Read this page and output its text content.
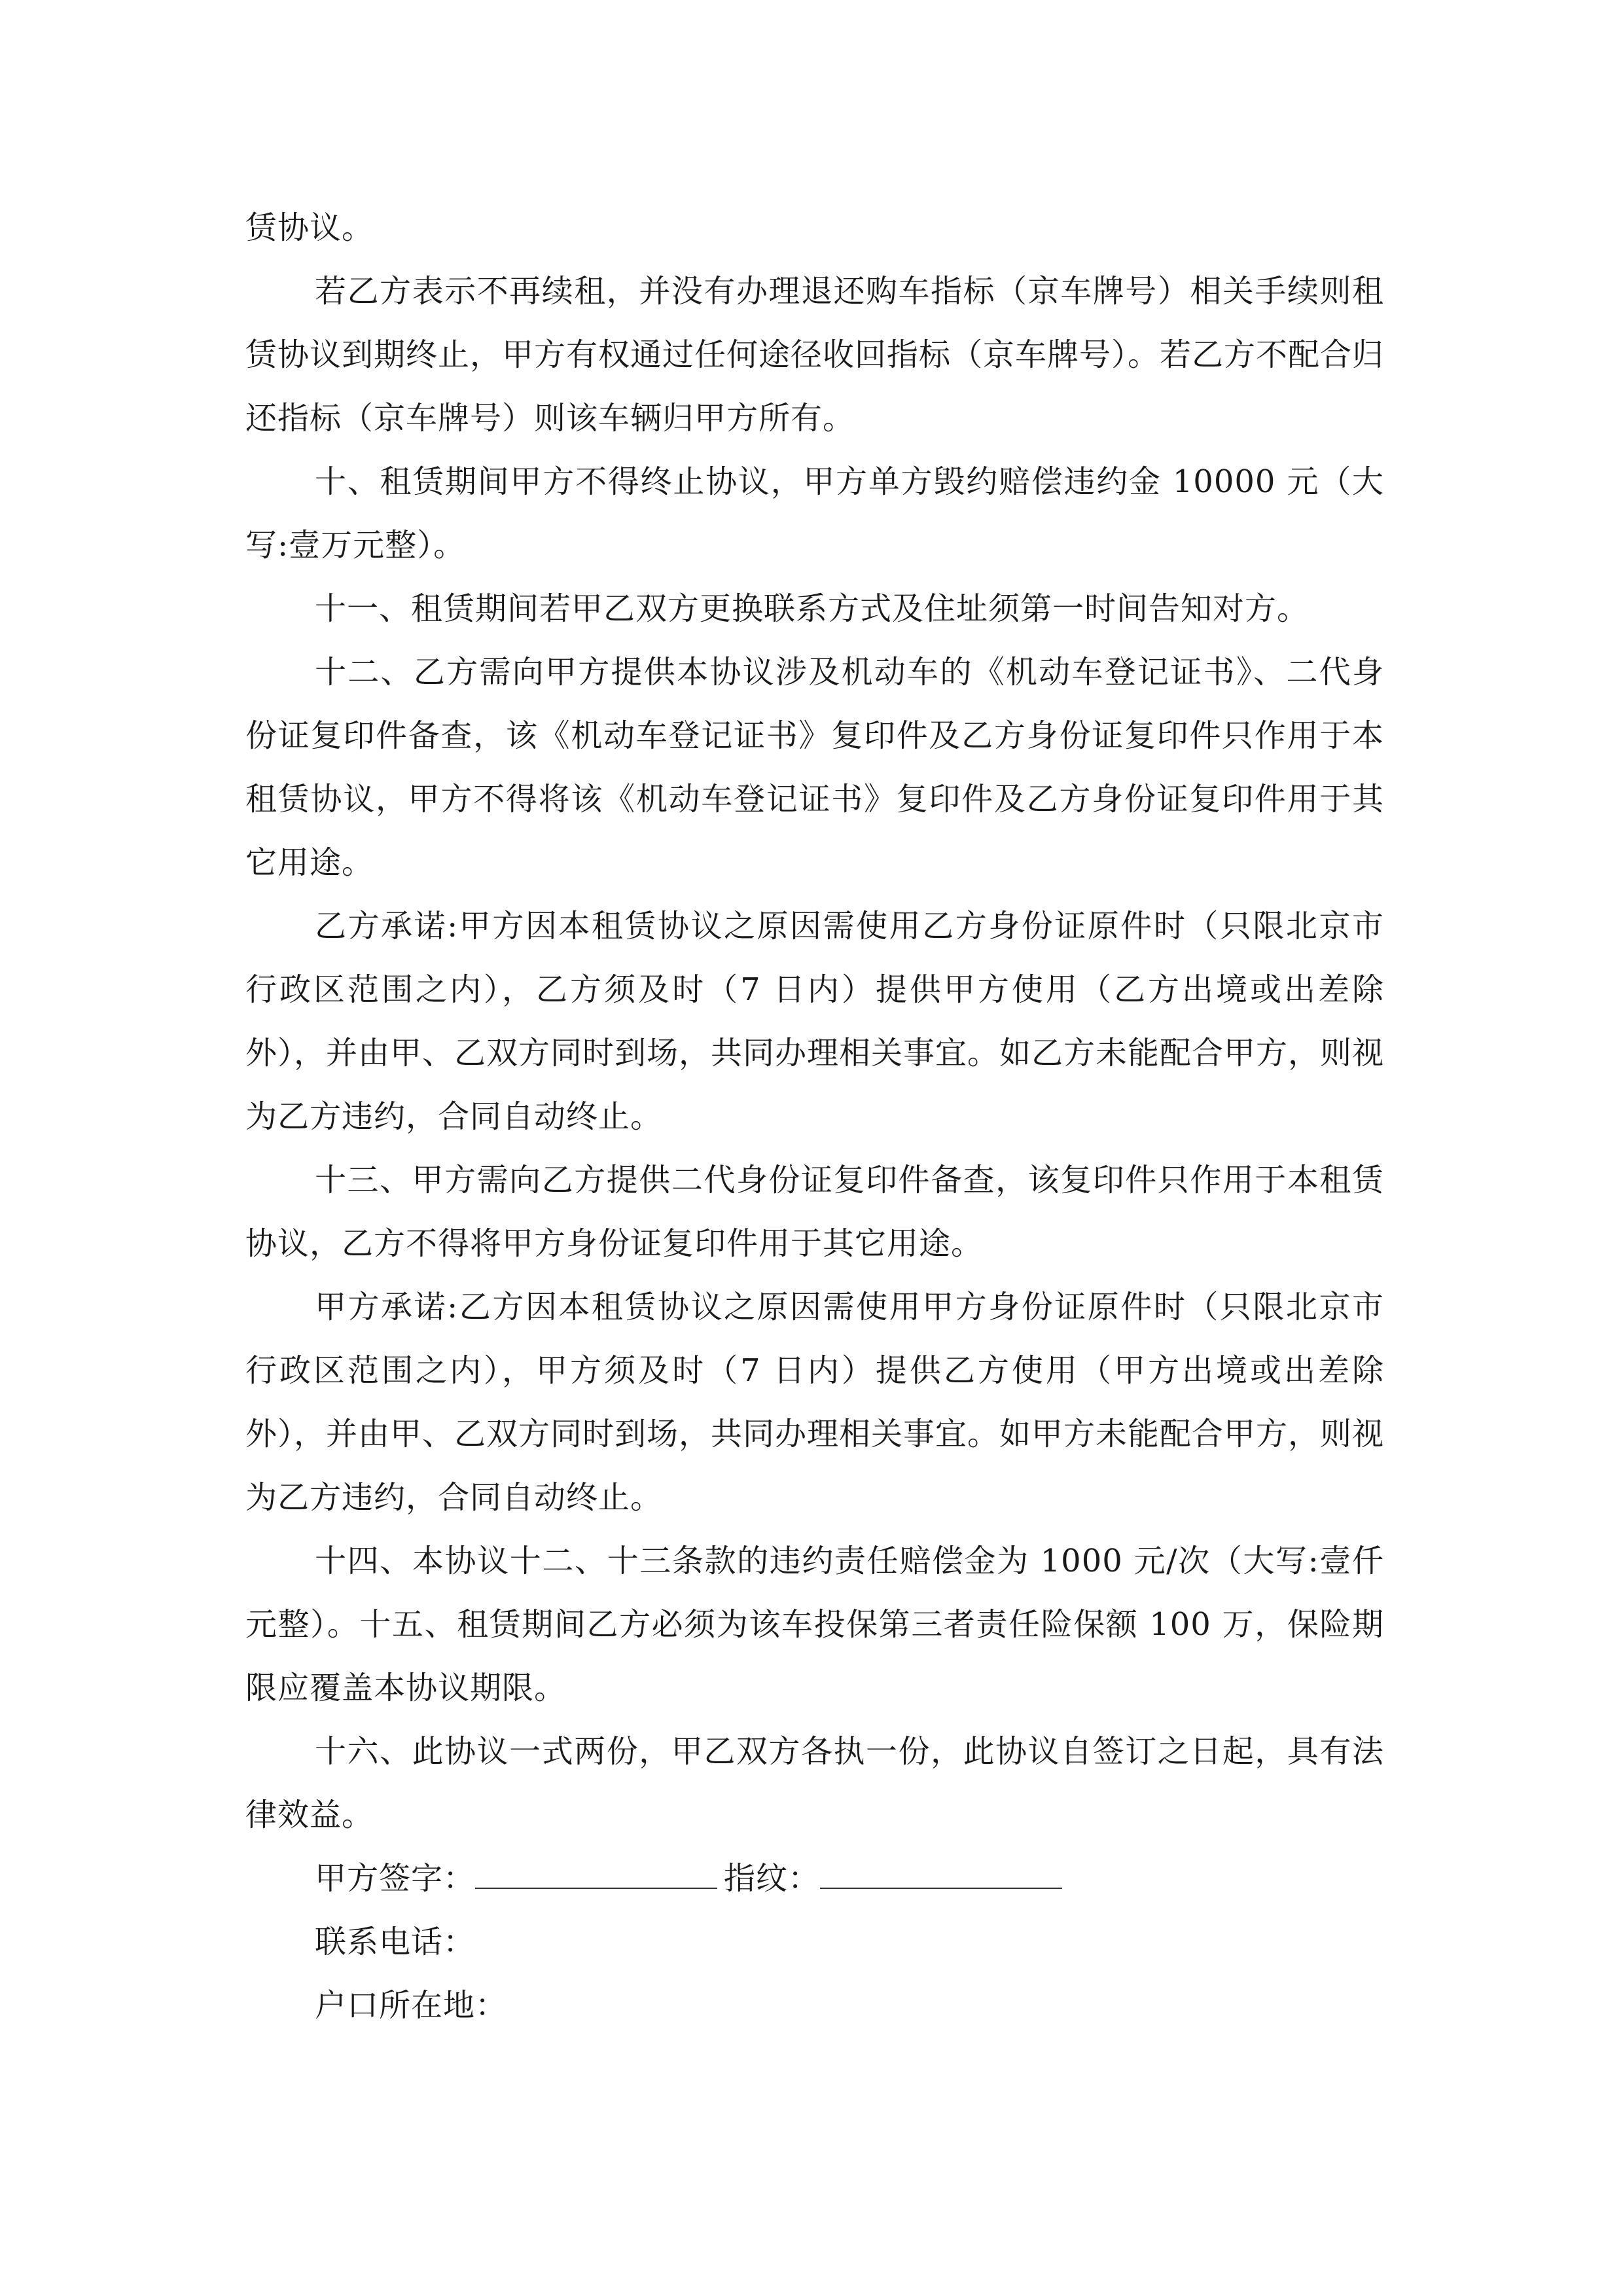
赁协议。

若乙方表示不再续租，并没有办理退还购车指标（京车牌号）相关手续则租赁协议到期终止，甲方有权通过任何途径收回指标（京车牌号）。若乙方不配合归还指标（京车牌号）则该车辆归甲方所有。

十、租赁期间甲方不得终止协议，甲方单方毁约赔偿违约金 10000 元（大写:壹万元整）。

十一、租赁期间若甲乙双方更换联系方式及住址须第一时间告知对方。

十二、乙方需向甲方提供本协议涉及机动车的《机动车登记证书》、二代身份证复印件备查，该《机动车登记证书》复印件及乙方身份证复印件只作用于本租赁协议，甲方不得将该《机动车登记证书》复印件及乙方身份证复印件用于其它用途。

乙方承诺:甲方因本租赁协议之原因需使用乙方身份证原件时（只限北京市行政区范围之内），乙方须及时（7 日内）提供甲方使用（乙方出境或出差除外），并由甲、乙双方同时到场，共同办理相关事宜。如乙方未能配合甲方，则视为乙方违约，合同自动终止。

十三、甲方需向乙方提供二代身份证复印件备查，该复印件只作用于本租赁协议，乙方不得将甲方身份证复印件用于其它用途。

甲方承诺:乙方因本租赁协议之原因需使用甲方身份证原件时（只限北京市行政区范围之内），甲方须及时（7 日内）提供乙方使用（甲方出境或出差除外），并由甲、乙双方同时到场，共同办理相关事宜。如甲方未能配合甲方，则视为乙方违约，合同自动终止。

十四、本协议十二、十三条款的违约责任赔偿金为 1000 元/次（大写:壹仟元整）。十五、租赁期间乙方必须为该车投保第三者责任险保额 100 万，保险期限应覆盖本协议期限。

十六、此协议一式两份，甲乙双方各执一份，此协议自签订之日起，具有法律效益。

甲方签字：	指纹：
联系电话：
户口所在地：
